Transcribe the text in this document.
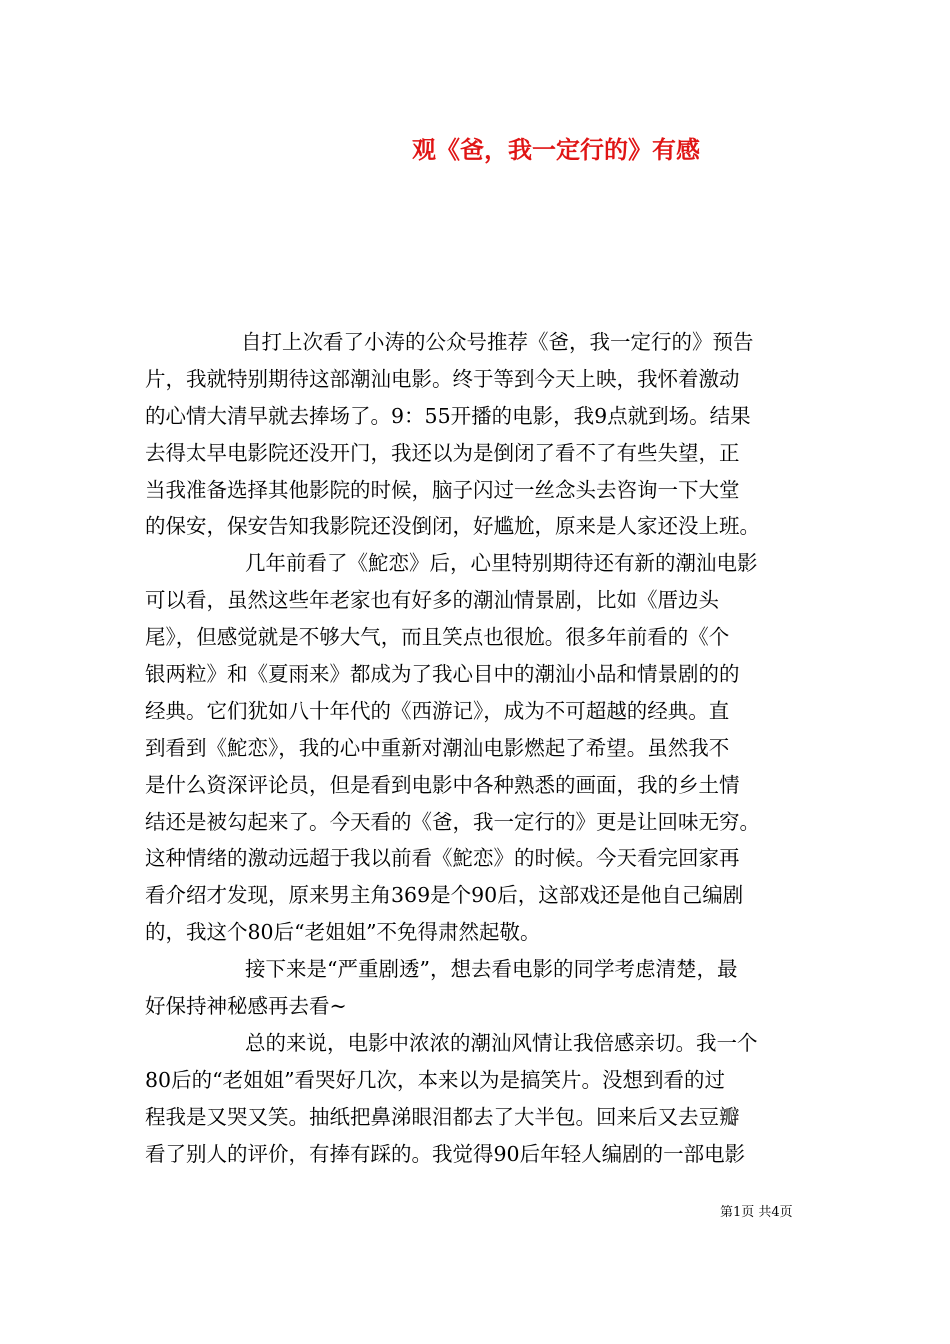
观《爸，我一定行的》有感
自打上次看了小涛的公众号推荐《爸，我一定行的》预告
片，我就特别期待这部潮汕电影。终于等到今天上映，我怀着激动
的心情大清早就去捧场了。9：55开播的电影，我9点就到场。结果
去得太早电影院还没开门，我还以为是倒闭了看不了有些失望，正
当我准备选择其他影院的时候，脑子闪过一丝念头去咨询一下大堂
的保安，保安告知我影院还没倒闭，好尴尬，原来是人家还没上班。
几年前看了《鮀恋》后，心里特别期待还有新的潮汕电影
可以看，虽然这些年老家也有好多的潮汕情景剧，比如《厝边头
尾》，但感觉就是不够大气，而且笑点也很尬。很多年前看的《个
银两粒》和《夏雨来》都成为了我心目中的潮汕小品和情景剧的的
经典。它们犹如八十年代的《西游记》，成为不可超越的经典。直
到看到《鮀恋》，我的心中重新对潮汕电影燃起了希望。虽然我不
是什么资深评论员，但是看到电影中各种熟悉的画面，我的乡土情
结还是被勾起来了。今天看的《爸，我一定行的》更是让回味无穷。
这种情绪的激动远超于我以前看《鮀恋》的时候。今天看完回家再
看介绍才发现，原来男主角369是个90后，这部戏还是他自己编剧
的，我这个80后“老姐姐”不免得肃然起敬。
接下来是“严重剧透”，想去看电影的同学考虑清楚，最
好保持神秘感再去看~
总的来说，电影中浓浓的潮汕风情让我倍感亲切。我一个
80后的“老姐姐”看哭好几次，本来以为是搞笑片。没想到看的过
程我是又哭又笑。抽纸把鼻涕眼泪都去了大半包。回来后又去豆瓣
看了别人的评价，有捧有踩的。我觉得90后年轻人编剧的一部电影
第1页 共4页
